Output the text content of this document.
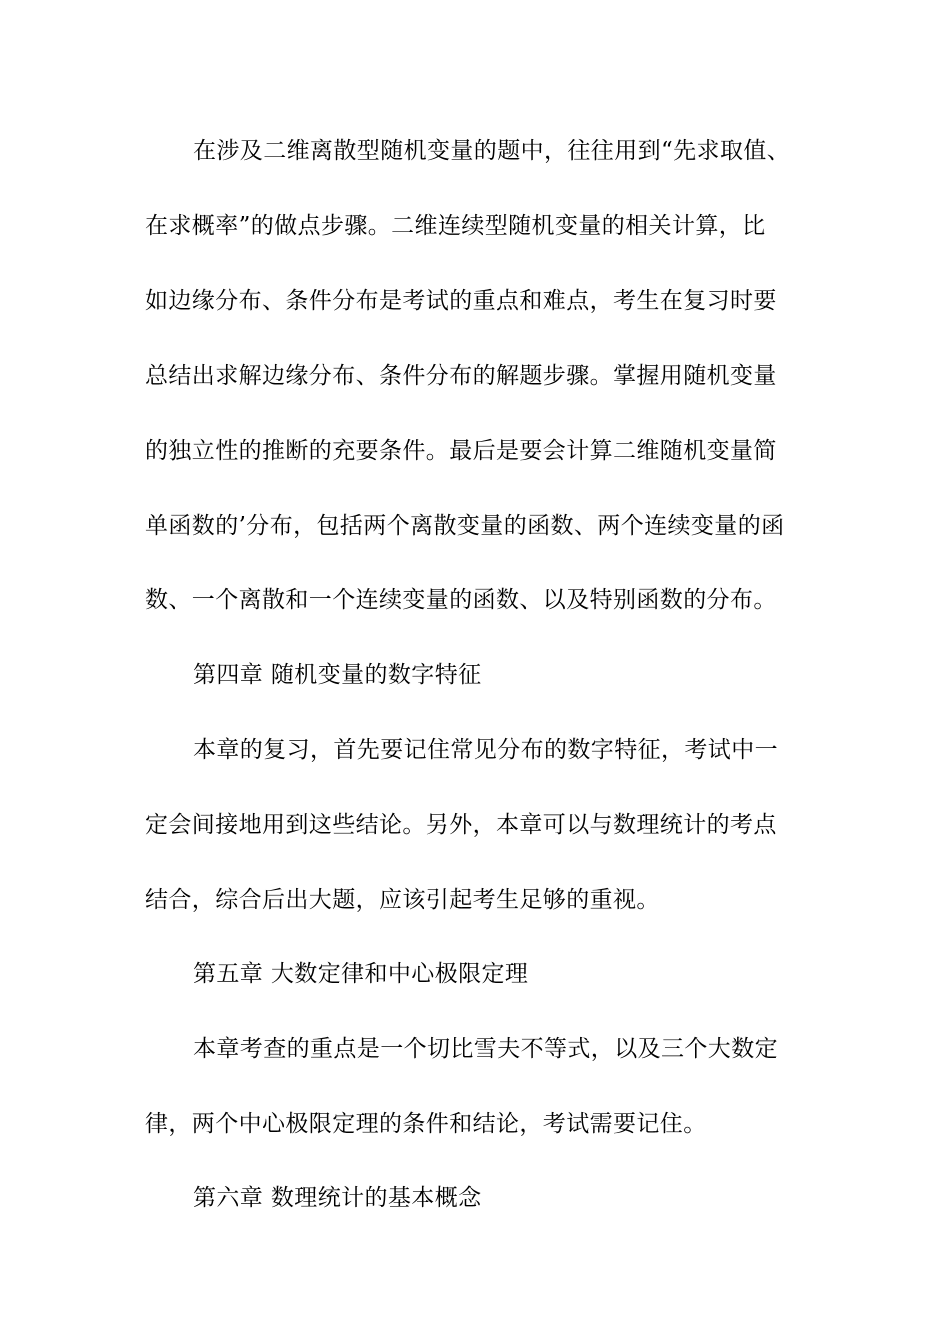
在涉及二维离散型随机变量的题中，往往用到“先求取值、
在求概率”的做点步骤。二维连续型随机变量的相关计算，比
如边缘分布、条件分布是考试的重点和难点，考生在复习时要
总结出求解边缘分布、条件分布的解题步骤。掌握用随机变量
的独立性的推断的充要条件。最后是要会计算二维随机变量简
单函数的’分布，包括两个离散变量的函数、两个连续变量的函
数、一个离散和一个连续变量的函数、以及特别函数的分布。
第四章 随机变量的数字特征
本章的复习，首先要记住常见分布的数字特征，考试中一
定会间接地用到这些结论。另外，本章可以与数理统计的考点
结合，综合后出大题，应该引起考生足够的重视。
第五章 大数定律和中心极限定理
本章考查的重点是一个切比雪夫不等式，以及三个大数定
律，两个中心极限定理的条件和结论，考试需要记住。
第六章 数理统计的基本概念
